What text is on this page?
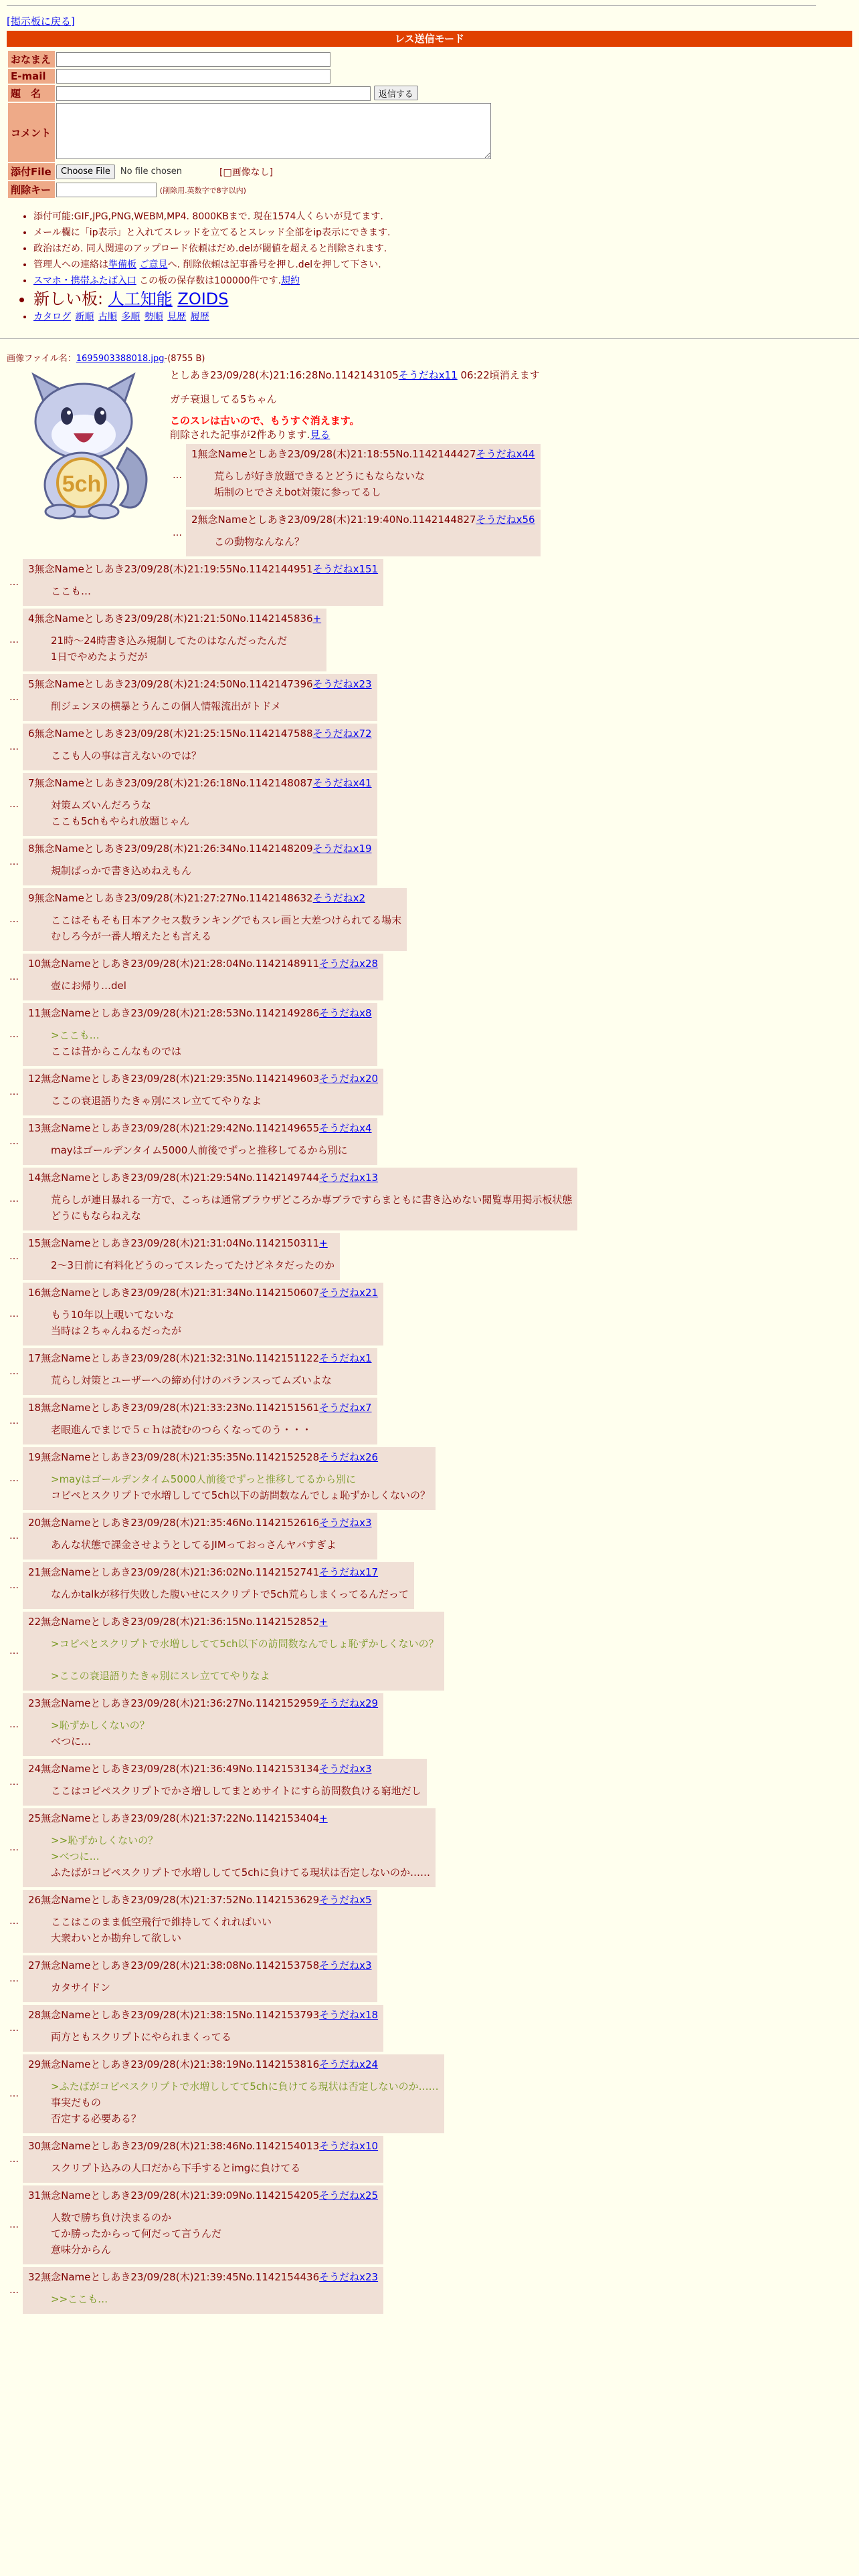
[掲示板に戻る]
レス送信モード
おなまえ	
E-mail	
題　名	返信する
コメント	
添付File	Choose File No file chosen [□画像なし]

削除キー	(削除用.英数字で8字以内)
• 添付可能:GIF,JPG,PNG,WEBM,MP4. 8000KBまで. 現在1574人くらいが見てます.
• メール欄に「ip表示」と入れてスレッドを立てるとスレッド全部をip表示にできます.
• 政治はだめ. 同人関連のアップロード依頼はだめ.delが閾値を超えると削除されます.
• 管理人への連絡は準備板 ご意見へ. 削除依頼は記事番号を押し.delを押して下さい.
• スマホ・携帯ふたば入口 この板の保存数は100000件です.規約
• 新しい板: 人工知能 ZOIDS
• カタログ 新順 古順 多順 勢順 見歴 履歴
画像ファイル名：1695903388018.jpg-(8755 B)
5ch
としあき23/09/28(木)21:16:28No.1142143105そうだねx11 06:22頃消えます
ガチ衰退してる5ちゃん
このスレは古いので、もうすぐ消えます。
削除された記事が2件あります.見る
…
1無念Nameとしあき23/09/28(木)21:18:55No.1142144427そうだねx44
荒らしが好き放題できるとどうにもならないな
垢制のヒでさえbot対策に参ってるし
…
2無念Nameとしあき23/09/28(木)21:19:40No.1142144827そうだねx56
この動物なんなん？
…
3無念Nameとしあき23/09/28(木)21:19:55No.1142144951そうだねx151
ここも…
…
4無念Nameとしあき23/09/28(木)21:21:50No.1142145836+
21時〜24時書き込み規制してたのはなんだったんだ
1日でやめたようだが
…
5無念Nameとしあき23/09/28(木)21:24:50No.1142147396そうだねx23
削ジェンヌの横暴とうんこの個人情報流出がトドメ
…
6無念Nameとしあき23/09/28(木)21:25:15No.1142147588そうだねx72
ここも人の事は言えないのでは？
…
7無念Nameとしあき23/09/28(木)21:26:18No.1142148087そうだねx41
対策ムズいんだろうな
ここも5chもやられ放題じゃん
…
8無念Nameとしあき23/09/28(木)21:26:34No.1142148209そうだねx19
規制ばっかで書き込めねえもん
…
9無念Nameとしあき23/09/28(木)21:27:27No.1142148632そうだねx2
ここはそもそも日本アクセス数ランキングでもスレ画と大差つけられてる場末
むしろ今が一番人増えたとも言える
…
10無念Nameとしあき23/09/28(木)21:28:04No.1142148911そうだねx28
壺にお帰り…del
…
11無念Nameとしあき23/09/28(木)21:28:53No.1142149286そうだねx8
>ここも…
ここは昔からこんなものでは
…
12無念Nameとしあき23/09/28(木)21:29:35No.1142149603そうだねx20
ここの衰退語りたきゃ別にスレ立ててやりなよ
…
13無念Nameとしあき23/09/28(木)21:29:42No.1142149655そうだねx4
mayはゴールデンタイム5000人前後でずっと推移してるから別に
…
14無念Nameとしあき23/09/28(木)21:29:54No.1142149744そうだねx13
荒らしが連日暴れる一方で、こっちは通常ブラウザどころか専ブラですらまともに書き込めない閲覧専用掲示板状態
どうにもならねえな
…
15無念Nameとしあき23/09/28(木)21:31:04No.1142150311+
2〜3日前に有料化どうのってスレたってたけどネタだったのか
…
16無念Nameとしあき23/09/28(木)21:31:34No.1142150607そうだねx21
もう10年以上覗いてないな
当時は２ちゃんねるだったが
…
17無念Nameとしあき23/09/28(木)21:32:31No.1142151122そうだねx1
荒らし対策とユーザーへの締め付けのバランスってムズいよな
…
18無念Nameとしあき23/09/28(木)21:33:23No.1142151561そうだねx7
老眼進んでまじで５ｃｈは読むのつらくなってのう・・・
…
19無念Nameとしあき23/09/28(木)21:35:35No.1142152528そうだねx26
>mayはゴールデンタイム5000人前後でずっと推移してるから別に
コピペとスクリプトで水増ししてて5ch以下の訪問数なんでしょ恥ずかしくないの？
…
20無念Nameとしあき23/09/28(木)21:35:46No.1142152616そうだねx3
あんな状態で課金させようとしてるJIMっておっさんヤバすぎよ
…
21無念Nameとしあき23/09/28(木)21:36:02No.1142152741そうだねx17
なんかtalkが移行失敗した腹いせにスクリプトで5ch荒らしまくってるんだって
…
22無念Nameとしあき23/09/28(木)21:36:15No.1142152852+
>コピペとスクリプトで水増ししてて5ch以下の訪問数なんでしょ恥ずかしくないの？
>ここの衰退語りたきゃ別にスレ立ててやりなよ
…
23無念Nameとしあき23/09/28(木)21:36:27No.1142152959そうだねx29
>恥ずかしくないの？
べつに…
…
24無念Nameとしあき23/09/28(木)21:36:49No.1142153134そうだねx3
ここはコピペスクリプトでかさ増ししてまとめサイトにすら訪問数負ける窮地だし
…
25無念Nameとしあき23/09/28(木)21:37:22No.1142153404+
>>恥ずかしくないの？
>べつに…
ふたばがコピペスクリプトで水増ししてて5chに負けてる現状は否定しないのか……
…
26無念Nameとしあき23/09/28(木)21:37:52No.1142153629そうだねx5
ここはこのまま低空飛行で維持してくれればいい
大衆わいとか勘弁して欲しい
…
27無念Nameとしあき23/09/28(木)21:38:08No.1142153758そうだねx3
カタサイドン
…
28無念Nameとしあき23/09/28(木)21:38:15No.1142153793そうだねx18
両方ともスクリプトにやられまくってる
…
29無念Nameとしあき23/09/28(木)21:38:19No.1142153816そうだねx24
>ふたばがコピペスクリプトで水増ししてて5chに負けてる現状は否定しないのか……
事実だもの
否定する必要ある？
…
30無念Nameとしあき23/09/28(木)21:38:46No.1142154013そうだねx10
スクリプト込みの人口だから下手するとimgに負けてる
…
31無念Nameとしあき23/09/28(木)21:39:09No.1142154205そうだねx25
人数で勝ち負け決まるのか
てか勝ったからって何だって言うんだ
意味分からん
…
32無念Nameとしあき23/09/28(木)21:39:45No.1142154436そうだねx23
>>ここも…
